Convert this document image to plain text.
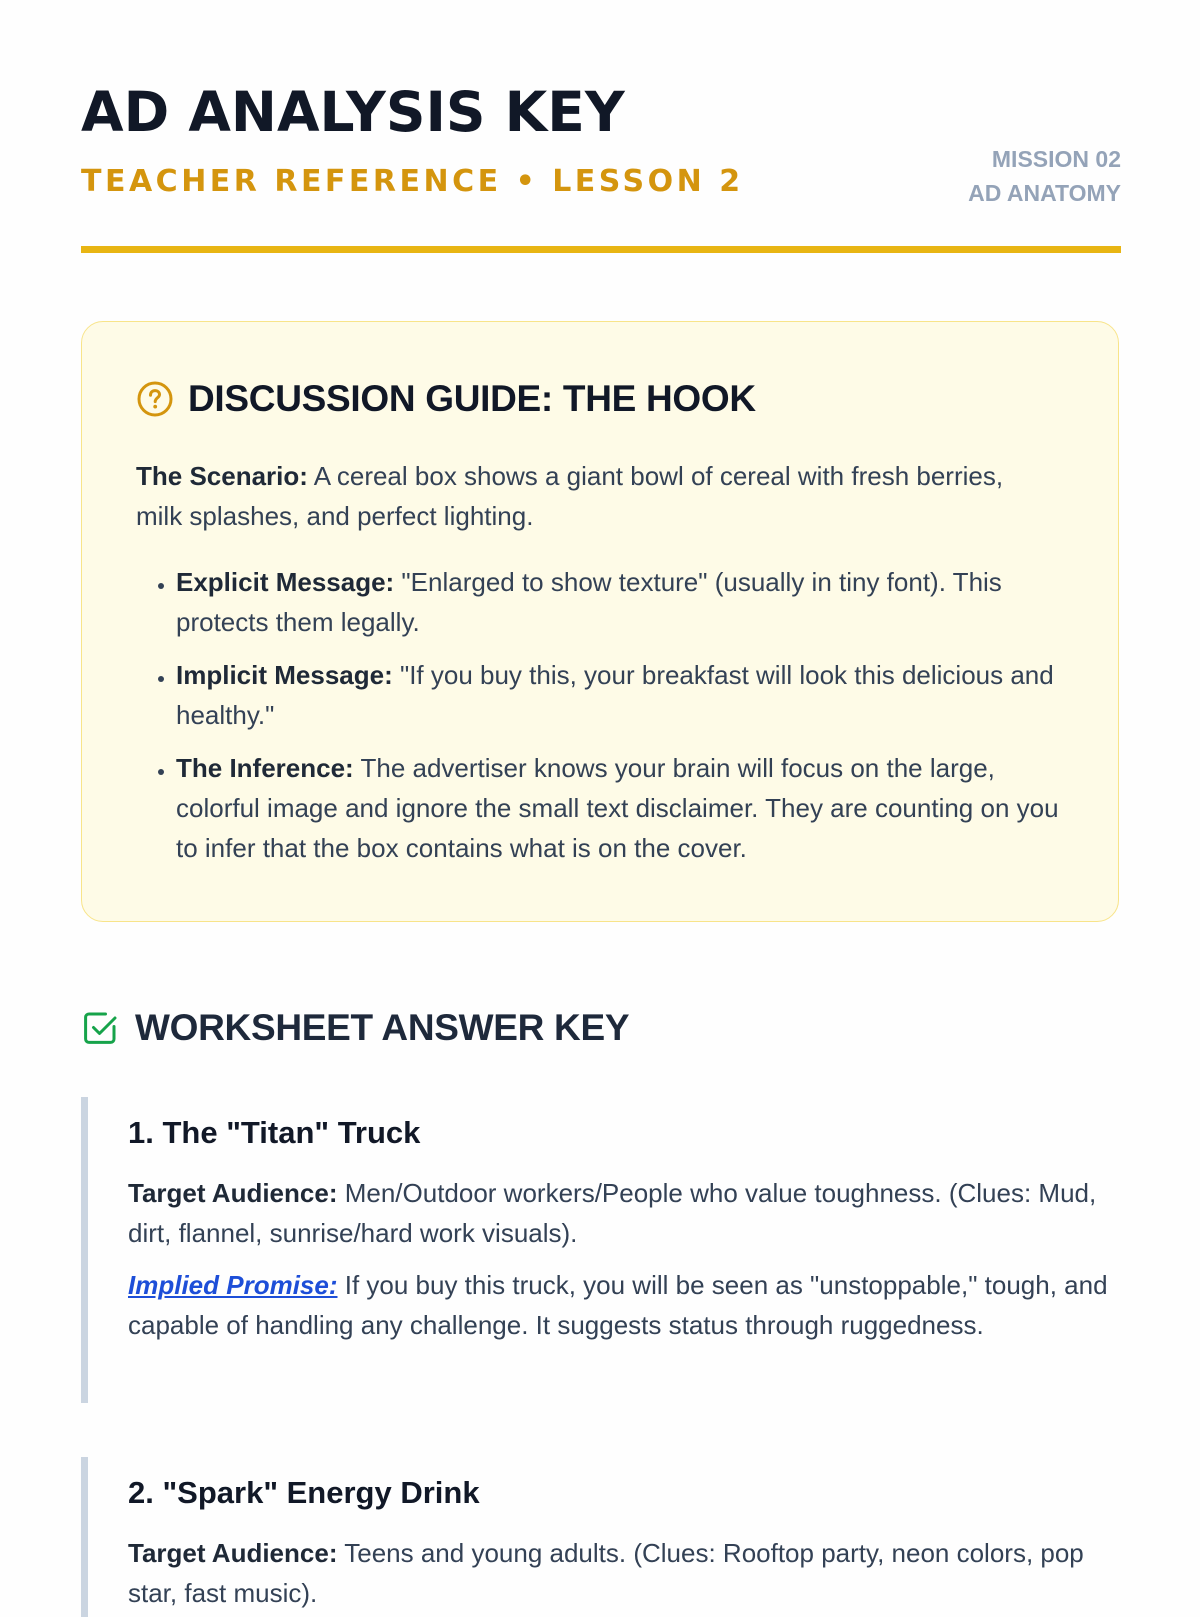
AD ANALYSIS KEY
TEACHER REFERENCE • LESSON 2
MISSION 02
AD ANATOMY
DISCUSSION GUIDE: THE HOOK

The Scenario: A cereal box shows a giant bowl of cereal with fresh berries, milk splashes, and perfect lighting.

• Explicit Message: "Enlarged to show texture" (usually in tiny font). This protects them legally.
• Implicit Message: "If you buy this, your breakfast will look this delicious and healthy."
• The Inference: The advertiser knows your brain will focus on the large, colorful image and ignore the small text disclaimer. They are counting on you to infer that the box contains what is on the cover.
WORKSHEET ANSWER KEY
1. The "Titan" Truck

Target Audience: Men/Outdoor workers/People who value toughness. (Clues: Mud, dirt, flannel, sunrise/hard work visuals).

Implied Promise: If you buy this truck, you will be seen as "unstoppable," tough, and capable of handling any challenge. It suggests status through ruggedness.

2. "Spark" Energy Drink

Target Audience: Teens and young adults. (Clues: Rooftop party, neon colors, pop star, fast music).
